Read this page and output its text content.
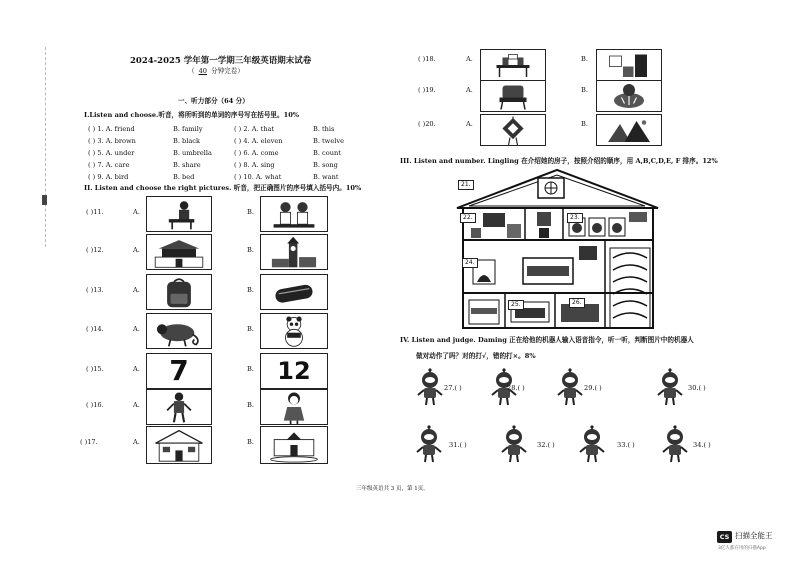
2024-2025 学年第一学期三年级英语期末试卷
（ 40 分钟完卷）
一、听力部分（64 分）
I.Listen and choose.听音，将所听到的单词的序号写在括号里。10%
( ) 1. A. friend	B. family	( ) 2. A. that	B. this
( ) 3. A. brown	B. black	( ) 4. A. eleven	B. twelve
( ) 5. A. under	B. umbrella	( ) 6. A. come	B. count
( ) 7. A. care	B. share	( ) 8. A. sing	B. song
( ) 9. A. bird	B. bed	( ) 10. A. what	B. want
II. Listen and choose the right pictures. 听音，把正确图片的序号填入括号内。10%
( )11.	A.	B.
( )12.	A.	B.
( )13.	A.	B.
( )14.	A.	B.
( )15.	A.	B.
7	12
( )16.	A.	B.
( )17.	A.	B.
( )18.	A.	B.
( )19.	A.	B.
( )20.	A.	B.
III. Listen and number. Lingling 在介绍她的房子，按照介绍的顺序，用 A,B,C,D,E, F 排序。12%
21.
22.	23.
24.
25.	26.
IV. Listen and judge. Daming 正在给他的机器人输入语音指令，听一听，判断图片中的机器人
做对动作了吗？对的打√，错的打×。8%
27.( )	28.( )	29.( )	30.( )
31.( )	32.( )	33.( )	34.( )
三年级英语共 3 页，第 1页。
CS 扫描全能王
3亿人都在用的扫描App
